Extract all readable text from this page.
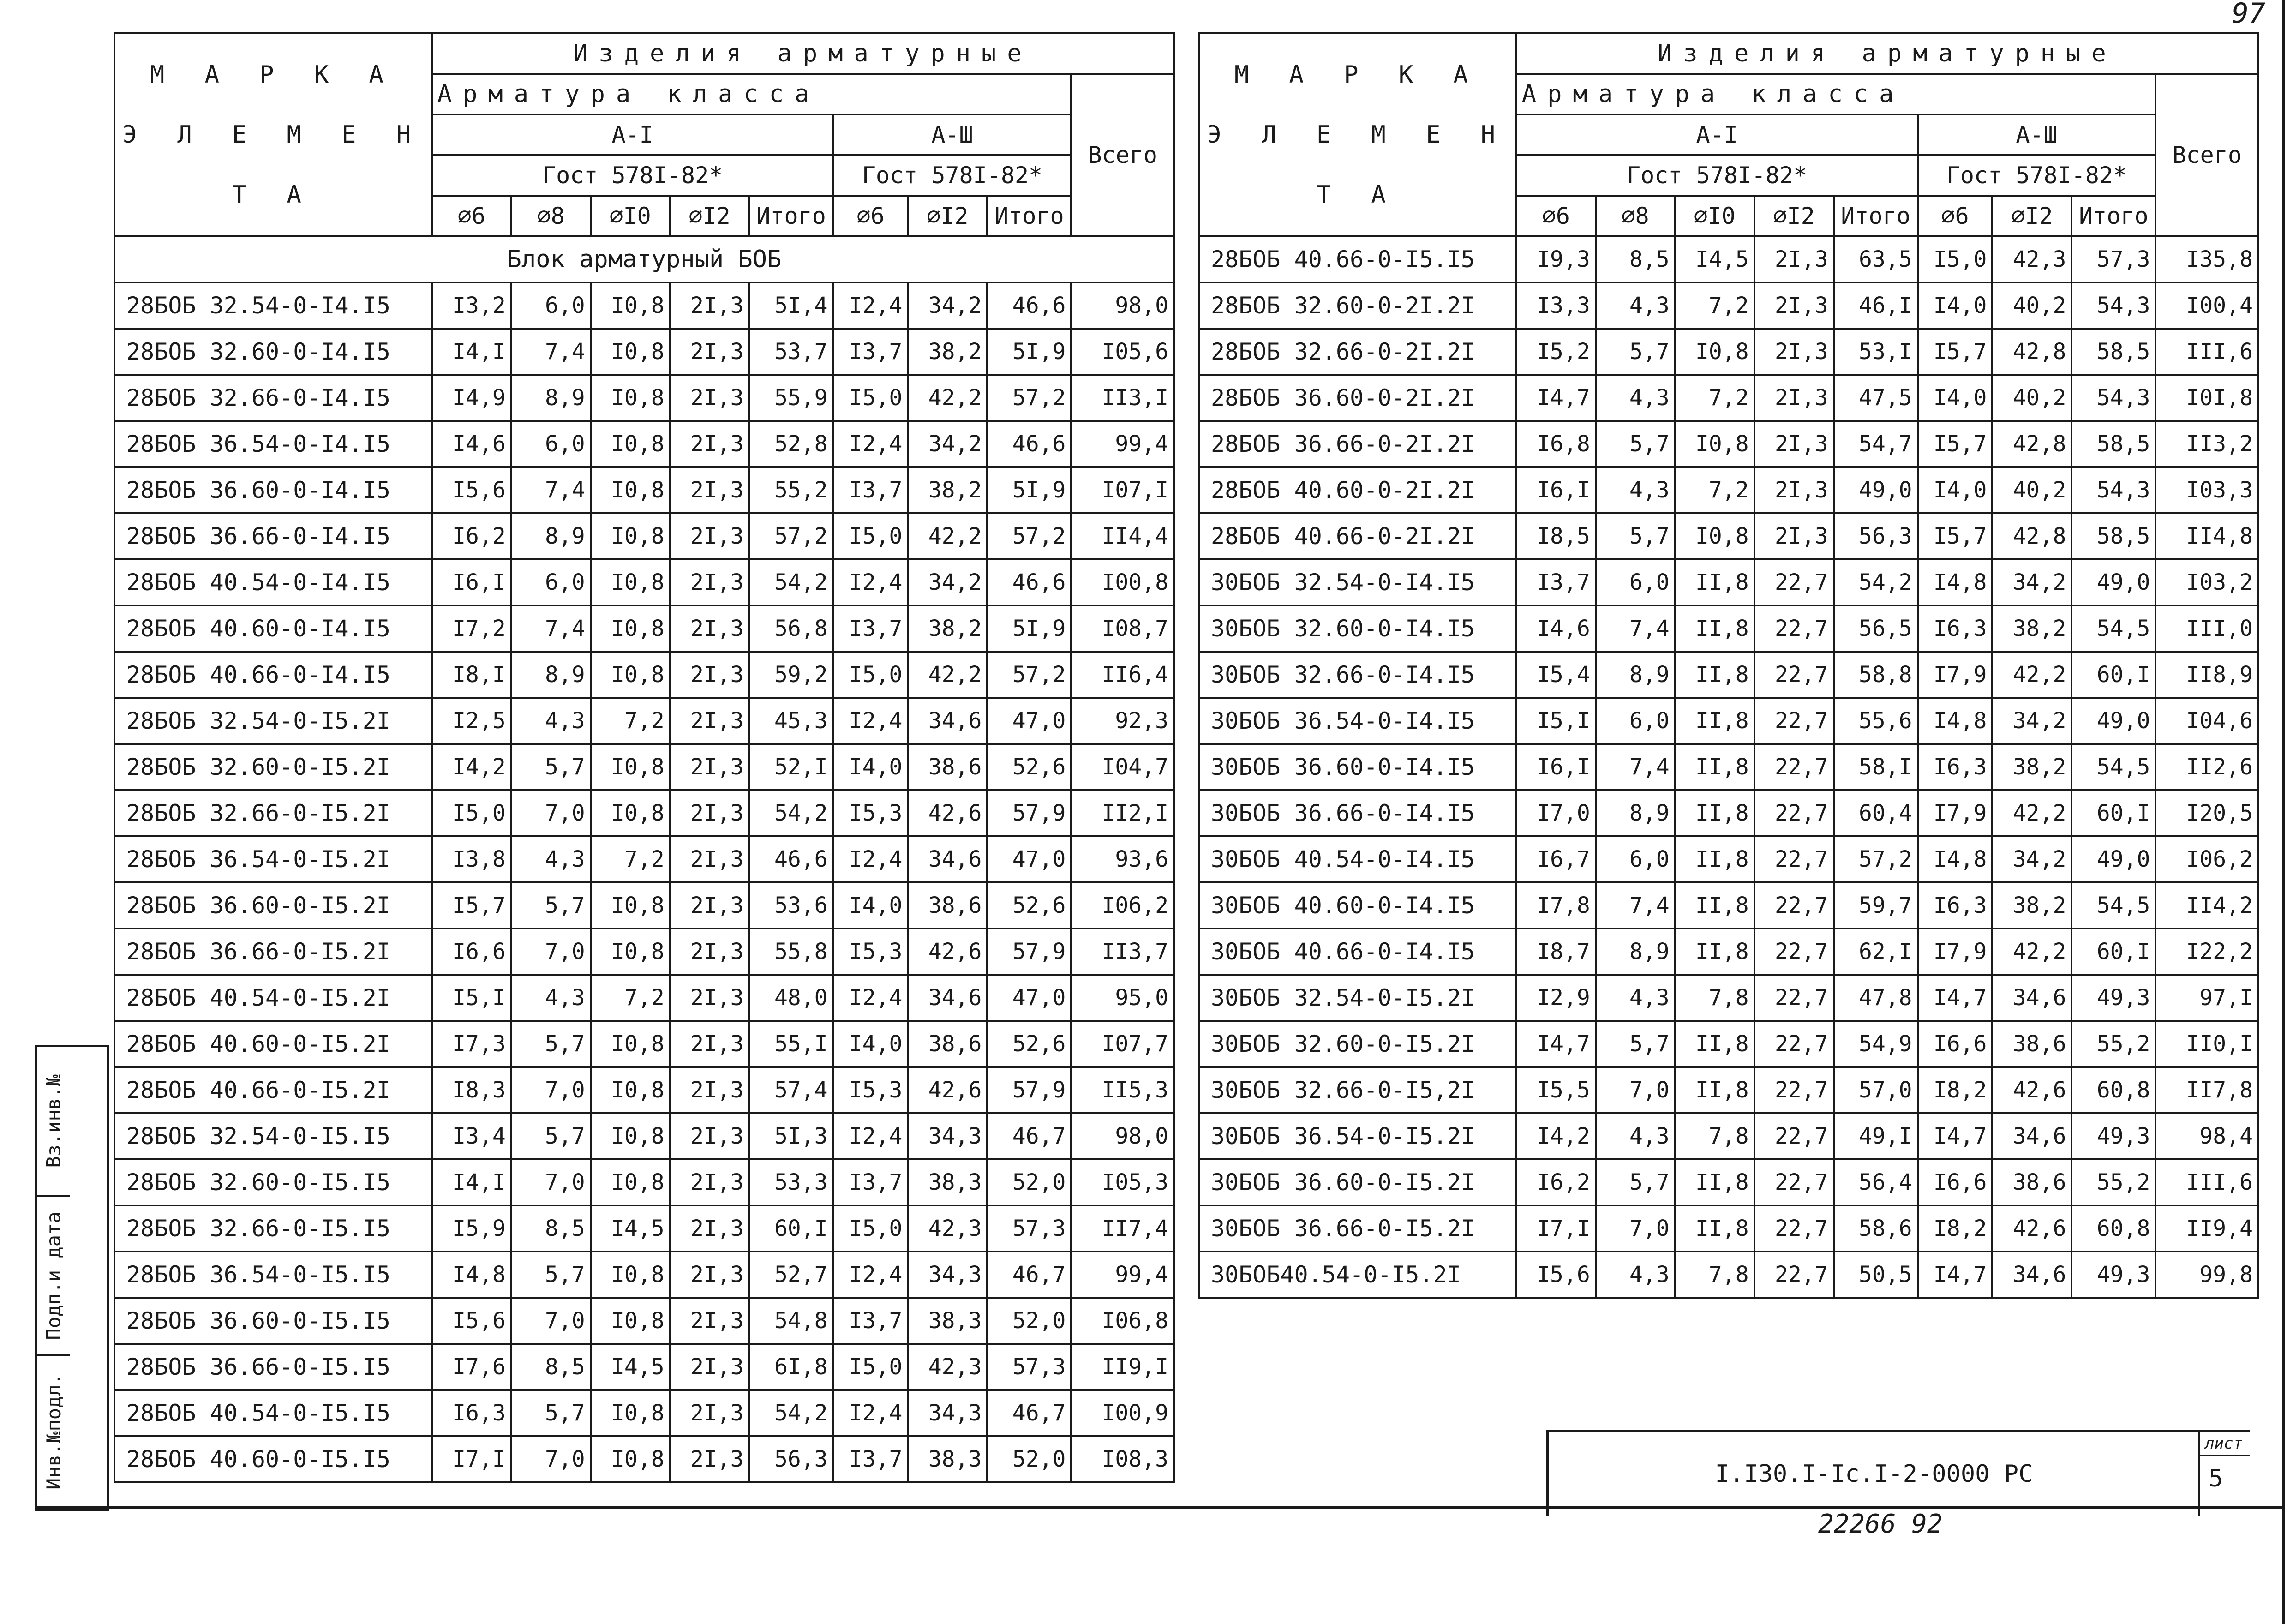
97
М А Р К А
Э Л Е М Е Н Т А	Изделия арматурные								
	Арматура класса								Всего
	А-I					А-Ш			
	Гост 578I-82*					Гост 578I-82*			
	∅6	∅8	∅I0	∅I2	Итого	∅6	∅I2	Итого	
Блок арматурный БОБ									
28БОБ 32.54-0-I4.I5	I3,2	6,0	I0,8	2I,3	5I,4	I2,4	34,2	46,6	98,0
28БОБ 32.60-0-I4.I5	I4,I	7,4	I0,8	2I,3	53,7	I3,7	38,2	5I,9	I05,6
28БОБ 32.66-0-I4.I5	I4,9	8,9	I0,8	2I,3	55,9	I5,0	42,2	57,2	II3,I
28БОБ 36.54-0-I4.I5	I4,6	6,0	I0,8	2I,3	52,8	I2,4	34,2	46,6	99,4
28БОБ 36.60-0-I4.I5	I5,6	7,4	I0,8	2I,3	55,2	I3,7	38,2	5I,9	I07,I
28БОБ 36.66-0-I4.I5	I6,2	8,9	I0,8	2I,3	57,2	I5,0	42,2	57,2	II4,4
28БОБ 40.54-0-I4.I5	I6,I	6,0	I0,8	2I,3	54,2	I2,4	34,2	46,6	I00,8
28БОБ 40.60-0-I4.I5	I7,2	7,4	I0,8	2I,3	56,8	I3,7	38,2	5I,9	I08,7
28БОБ 40.66-0-I4.I5	I8,I	8,9	I0,8	2I,3	59,2	I5,0	42,2	57,2	II6,4
28БОБ 32.54-0-I5.2I	I2,5	4,3	7,2	2I,3	45,3	I2,4	34,6	47,0	92,3
28БОБ 32.60-0-I5.2I	I4,2	5,7	I0,8	2I,3	52,I	I4,0	38,6	52,6	I04,7
28БОБ 32.66-0-I5.2I	I5,0	7,0	I0,8	2I,3	54,2	I5,3	42,6	57,9	II2,I
28БОБ 36.54-0-I5.2I	I3,8	4,3	7,2	2I,3	46,6	I2,4	34,6	47,0	93,6
28БОБ 36.60-0-I5.2I	I5,7	5,7	I0,8	2I,3	53,6	I4,0	38,6	52,6	I06,2
28БОБ 36.66-0-I5.2I	I6,6	7,0	I0,8	2I,3	55,8	I5,3	42,6	57,9	II3,7
28БОБ 40.54-0-I5.2I	I5,I	4,3	7,2	2I,3	48,0	I2,4	34,6	47,0	95,0
28БОБ 40.60-0-I5.2I	I7,3	5,7	I0,8	2I,3	55,I	I4,0	38,6	52,6	I07,7
28БОБ 40.66-0-I5.2I	I8,3	7,0	I0,8	2I,3	57,4	I5,3	42,6	57,9	II5,3
28БОБ 32.54-0-I5.I5	I3,4	5,7	I0,8	2I,3	5I,3	I2,4	34,3	46,7	98,0
28БОБ 32.60-0-I5.I5	I4,I	7,0	I0,8	2I,3	53,3	I3,7	38,3	52,0	I05,3
28БОБ 32.66-0-I5.I5	I5,9	8,5	I4,5	2I,3	60,I	I5,0	42,3	57,3	II7,4
28БОБ 36.54-0-I5.I5	I4,8	5,7	I0,8	2I,3	52,7	I2,4	34,3	46,7	99,4
28БОБ 36.60-0-I5.I5	I5,6	7,0	I0,8	2I,3	54,8	I3,7	38,3	52,0	I06,8
28БОБ 36.66-0-I5.I5	I7,6	8,5	I4,5	2I,3	6I,8	I5,0	42,3	57,3	II9,I
28БОБ 40.54-0-I5.I5	I6,3	5,7	I0,8	2I,3	54,2	I2,4	34,3	46,7	I00,9
28БОБ 40.60-0-I5.I5	I7,I	7,0	I0,8	2I,3	56,3	I3,7	38,3	52,0	I08,3
М А Р К А
Э Л Е М Е Н Т А	Изделия арматурные								
	Арматура класса								Всего
	А-I					А-Ш			
	Гост 578I-82*					Гост 578I-82*			
	∅6	∅8	∅I0	∅I2	Итого	∅6	∅I2	Итого	
28БОБ 40.66-0-I5.I5	I9,3	8,5	I4,5	2I,3	63,5	I5,0	42,3	57,3	I35,8
28БОБ 32.60-0-2I.2I	I3,3	4,3	7,2	2I,3	46,I	I4,0	40,2	54,3	I00,4
28БОБ 32.66-0-2I.2I	I5,2	5,7	I0,8	2I,3	53,I	I5,7	42,8	58,5	III,6
28БОБ 36.60-0-2I.2I	I4,7	4,3	7,2	2I,3	47,5	I4,0	40,2	54,3	I0I,8
28БОБ 36.66-0-2I.2I	I6,8	5,7	I0,8	2I,3	54,7	I5,7	42,8	58,5	II3,2
28БОБ 40.60-0-2I.2I	I6,I	4,3	7,2	2I,3	49,0	I4,0	40,2	54,3	I03,3
28БОБ 40.66-0-2I.2I	I8,5	5,7	I0,8	2I,3	56,3	I5,7	42,8	58,5	II4,8
30БОБ 32.54-0-I4.I5	I3,7	6,0	II,8	22,7	54,2	I4,8	34,2	49,0	I03,2
30БОБ 32.60-0-I4.I5	I4,6	7,4	II,8	22,7	56,5	I6,3	38,2	54,5	III,0
30БОБ 32.66-0-I4.I5	I5,4	8,9	II,8	22,7	58,8	I7,9	42,2	60,I	II8,9
30БОБ 36.54-0-I4.I5	I5,I	6,0	II,8	22,7	55,6	I4,8	34,2	49,0	I04,6
30БОБ 36.60-0-I4.I5	I6,I	7,4	II,8	22,7	58,I	I6,3	38,2	54,5	II2,6
30БОБ 36.66-0-I4.I5	I7,0	8,9	II,8	22,7	60,4	I7,9	42,2	60,I	I20,5
30БОБ 40.54-0-I4.I5	I6,7	6,0	II,8	22,7	57,2	I4,8	34,2	49,0	I06,2
30БОБ 40.60-0-I4.I5	I7,8	7,4	II,8	22,7	59,7	I6,3	38,2	54,5	II4,2
30БОБ 40.66-0-I4.I5	I8,7	8,9	II,8	22,7	62,I	I7,9	42,2	60,I	I22,2
30БОБ 32.54-0-I5.2I	I2,9	4,3	7,8	22,7	47,8	I4,7	34,6	49,3	97,I
30БОБ 32.60-0-I5.2I	I4,7	5,7	II,8	22,7	54,9	I6,6	38,6	55,2	II0,I
30БОБ 32.66-0-I5,2I	I5,5	7,0	II,8	22,7	57,0	I8,2	42,6	60,8	II7,8
30БОБ 36.54-0-I5.2I	I4,2	4,3	7,8	22,7	49,I	I4,7	34,6	49,3	98,4
30БОБ 36.60-0-I5.2I	I6,2	5,7	II,8	22,7	56,4	I6,6	38,6	55,2	III,6
30БОБ 36.66-0-I5.2I	I7,I	7,0	II,8	22,7	58,6	I8,2	42,6	60,8	II9,4
30БОБ40.54-0-I5.2I	I5,6	4,3	7,8	22,7	50,5	I4,7	34,6	49,3	99,8
I.I30.I-Ic.I-2-0000 PC
лист
5
22266 92
Вз.инв.№
Подп.и дата
Инв.№подл.
